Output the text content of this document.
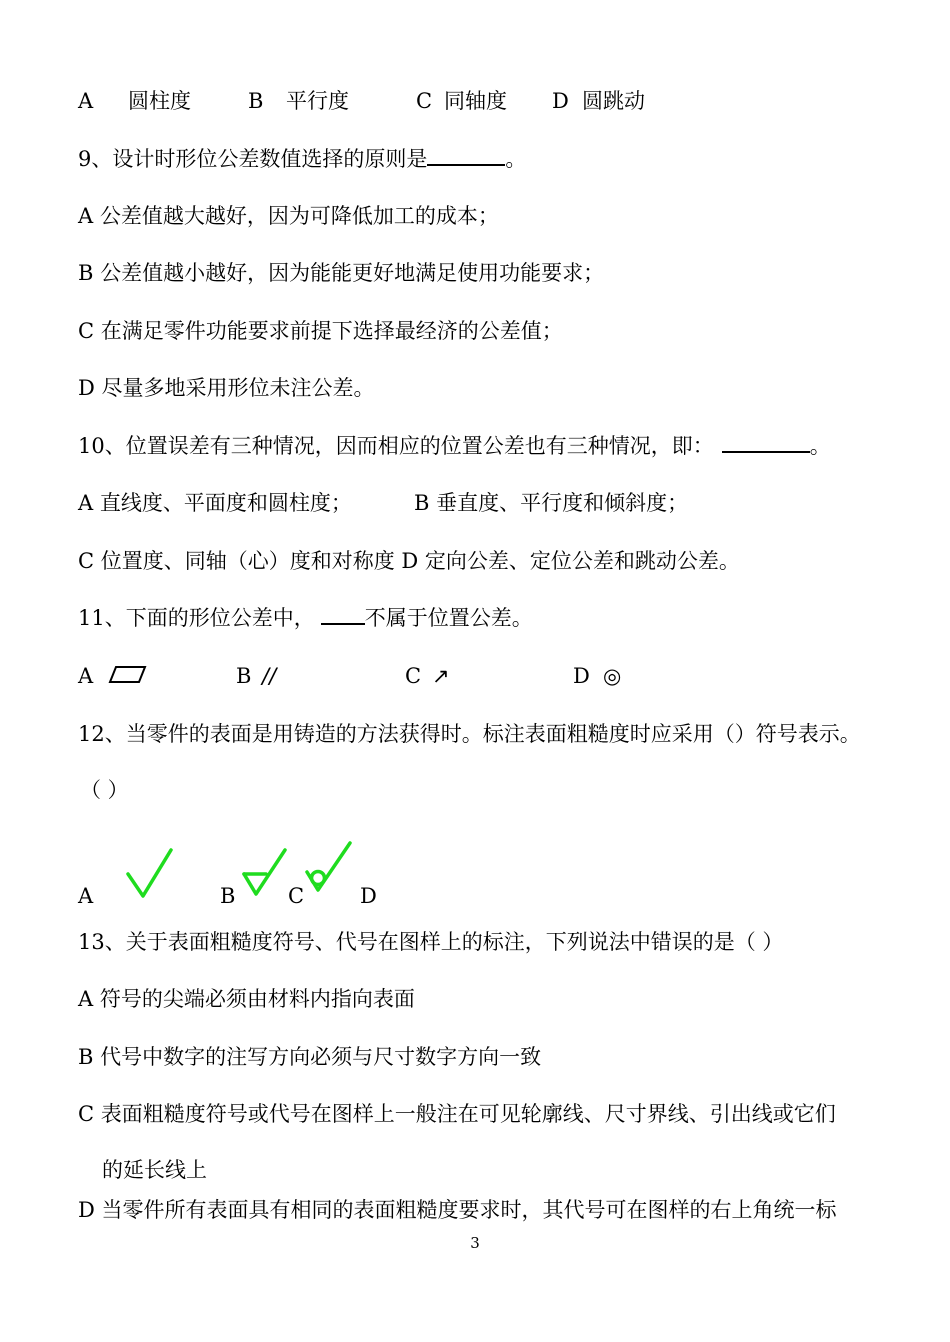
A 圆柱度	B 平行度	C 同轴度 D 圆跳动
9、设计时形位公差数值选择的原则是	。
A 公差值越大越好，因为可降低加工的成本；
B 公差值越小越好，因为能能更好地满足使用功能要求；
C 在满足零件功能要求前提下选择最经济的公差值；
D 尽量多地采用形位未注公差。
10、位置误差有三种情况，因而相应的位置公差也有三种情况，即：	。
A 直线度、平面度和圆柱度；	B 垂直度、平行度和倾斜度；
C 位置度、同轴（心）度和对称度 D 定向公差、定位公差和跳动公差。
11、下面的形位公差中， 不属于位置公差。
A	B //	C ↗	D ◎
12、当零件的表面是用铸造的方法获得时。标注表面粗糙度时应采用（）符号表示。
（ ）
A	B	C	D
13、关于表面粗糙度符号、代号在图样上的标注，下列说法中错误的是（ ）
A 符号的尖端必须由材料内指向表面
B 代号中数字的注写方向必须与尺寸数字方向一致
C 表面粗糙度符号或代号在图样上一般注在可见轮廓线、尺寸界线、引出线或它们
的延长线上
D 当零件所有表面具有相同的表面粗糙度要求时，其代号可在图样的右上角统一标
3
